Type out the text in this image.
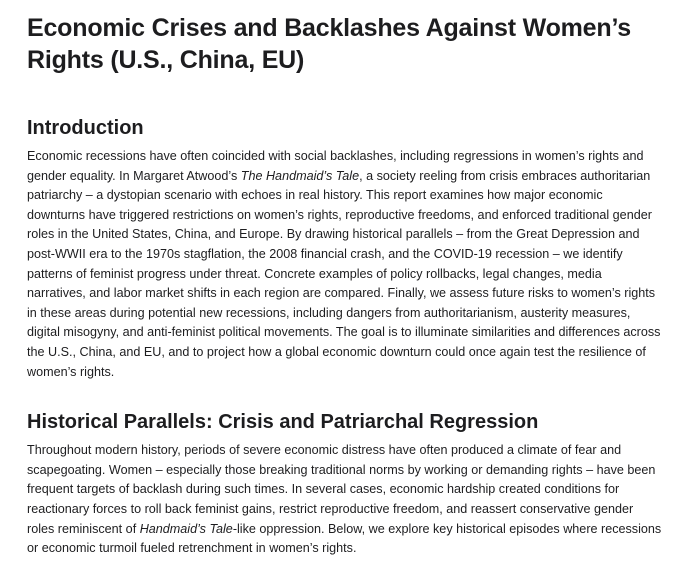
Economic Crises and Backlashes Against Women’s Rights (U.S., China, EU)
Introduction

Economic recessions have often coincided with social backlashes, including regressions in women’s rights and gender equality. In Margaret Atwood’s The Handmaid’s Tale, a society reeling from crisis embraces authoritarian patriarchy – a dystopian scenario with echoes in real history. This report examines how major economic downturns have triggered restrictions on women’s rights, reproductive freedoms, and enforced traditional gender roles in the United States, China, and Europe. By drawing historical parallels – from the Great Depression and post-WWII era to the 1970s stagflation, the 2008 financial crash, and the COVID-19 recession – we identify patterns of feminist progress under threat. Concrete examples of policy rollbacks, legal changes, media narratives, and labor market shifts in each region are compared. Finally, we assess future risks to women’s rights in these areas during potential new recessions, including dangers from authoritarianism, austerity measures, digital misogyny, and anti-feminist political movements. The goal is to illuminate similarities and differences across the U.S., China, and EU, and to project how a global economic downturn could once again test the resilience of women’s rights.

Historical Parallels: Crisis and Patriarchal Regression

Throughout modern history, periods of severe economic distress have often produced a climate of fear and scapegoating. Women – especially those breaking traditional norms by working or demanding rights – have been frequent targets of backlash during such times. In several cases, economic hardship created conditions for reactionary forces to roll back feminist gains, restrict reproductive freedom, and reassert conservative gender roles reminiscent of Handmaid’s Tale-like oppression. Below, we explore key historical episodes where recessions or economic turmoil fueled retrenchment in women’s rights.
